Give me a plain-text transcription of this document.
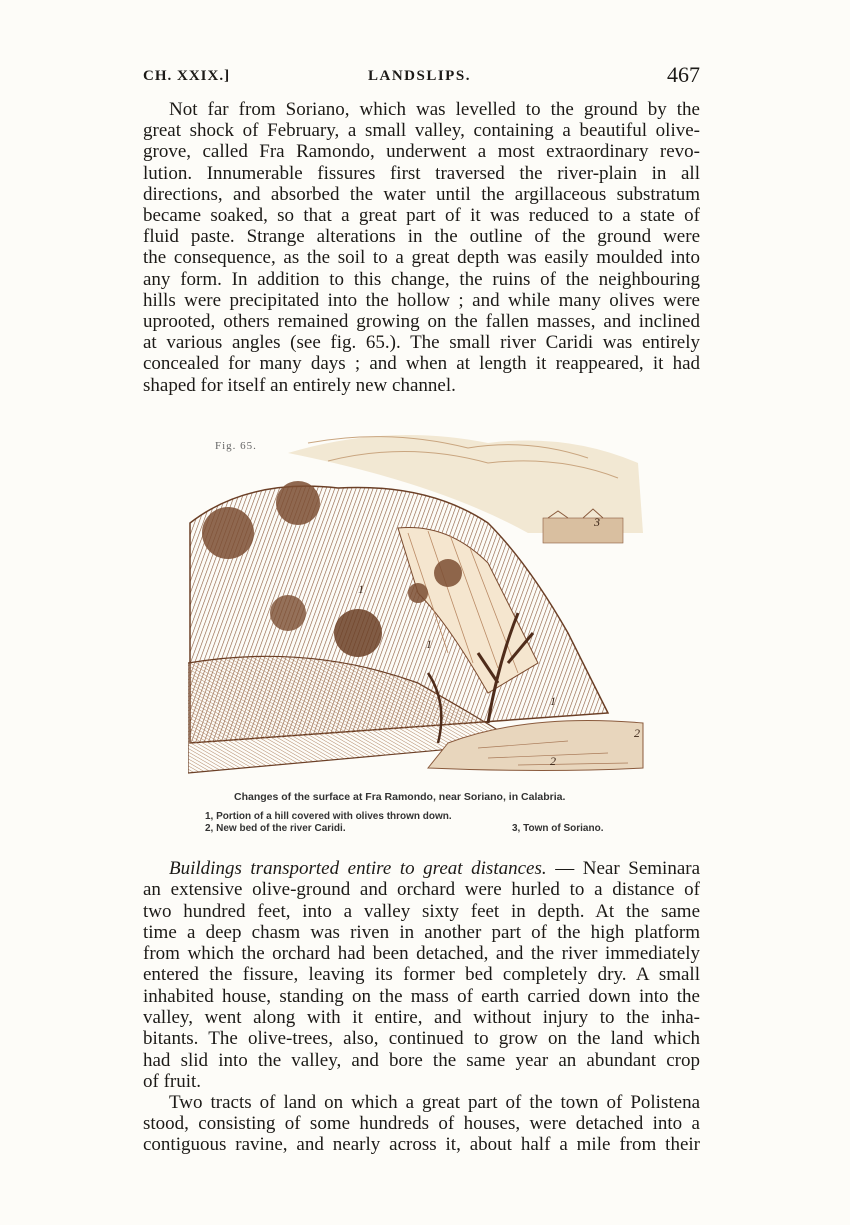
CH. XXIX.]	LANDSLIPS.	467
Not far from Soriano, which was levelled to the ground by the
great shock of February, a small valley, containing a beautiful olive-
grove, called Fra Ramondo, underwent a most extraordinary revo-
lution. Innumerable fissures first traversed the river-plain in all
directions, and absorbed the water until the argillaceous substratum
became soaked, so that a great part of it was reduced to a state of
fluid paste. Strange alterations in the outline of the ground were
the consequence, as the soil to a great depth was easily moulded into
any form. In addition to this change, the ruins of the neighbouring
hills were precipitated into the hollow ; and while many olives were
uprooted, others remained growing on the fallen masses, and inclined
at various angles (see fig. 65.). The small river Caridi was entirely
concealed for many days ; and when at length it reappeared, it had
shaped for itself an entirely new channel.
Fig. 65.
1
1
1
2
2
3
Changes of the surface at Fra Ramondo, near Soriano, in Calabria.
1, Portion of a hill covered with olives thrown down.
2, New bed of the river Caridi.	3, Town of Soriano.
Buildings transported entire to great distances. — Near Seminara
an extensive olive-ground and orchard were hurled to a distance of
two hundred feet, into a valley sixty feet in depth. At the same
time a deep chasm was riven in another part of the high platform
from which the orchard had been detached, and the river immediately
entered the fissure, leaving its former bed completely dry. A small
inhabited house, standing on the mass of earth carried down into the
valley, went along with it entire, and without injury to the inha-
bitants. The olive-trees, also, continued to grow on the land which
had slid into the valley, and bore the same year an abundant crop
of fruit.
Two tracts of land on which a great part of the town of Polistena
stood, consisting of some hundreds of houses, were detached into a
contiguous ravine, and nearly across it, about half a mile from their
